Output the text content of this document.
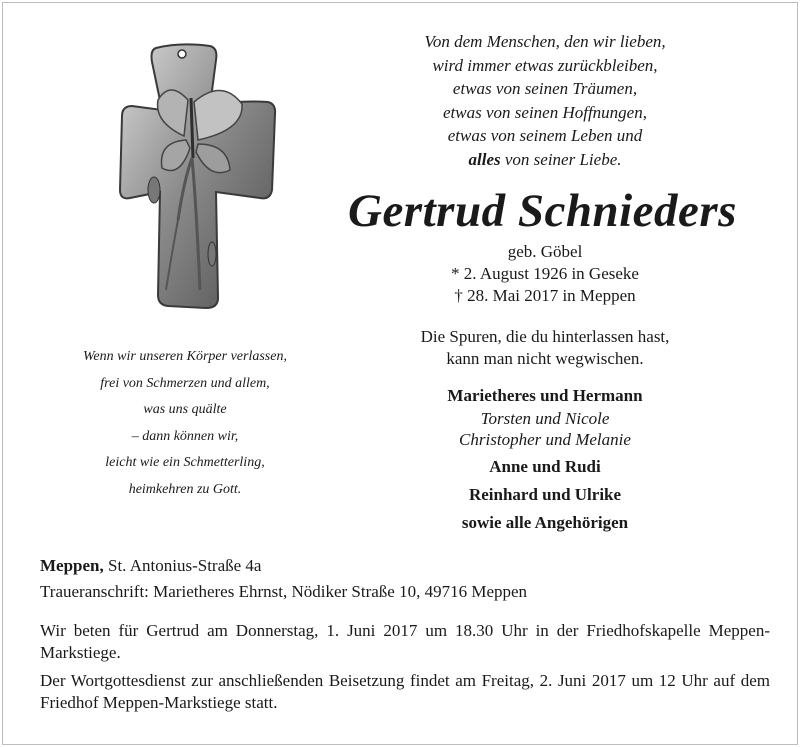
Von dem Menschen, den wir lieben,
wird immer etwas zurückbleiben,
etwas von seinen Träumen,
etwas von seinen Hoffnungen,
etwas von seinem Leben und
alles von seiner Liebe.
Gertrud Schnieders
geb. Göbel
* 2. August 1926 in Geseke
† 28. Mai 2017 in Meppen
Die Spuren, die du hinterlassen hast,
kann man nicht wegwischen.
Wenn wir unseren Körper verlassen,
frei von Schmerzen und allem,
was uns quälte
– dann können wir,
leicht wie ein Schmetterling,
heimkehren zu Gott.
Marietheres und Hermann
Torsten und Nicole
Christopher und Melanie
Anne und Rudi
Reinhard und Ulrike
sowie alle Angehörigen
Meppen, St. Antonius-Straße 4a
Traueranschrift: Marietheres Ehrnst, Nödiker Straße 10, 49716 Meppen
Wir beten für Gertrud am Donnerstag, 1. Juni 2017 um 18.30 Uhr in der Friedhofskapelle Meppen-Markstiege.
Der Wortgottesdienst zur anschließenden Beisetzung findet am Freitag, 2. Juni 2017 um 12 Uhr auf dem Friedhof Meppen-Markstiege statt.
